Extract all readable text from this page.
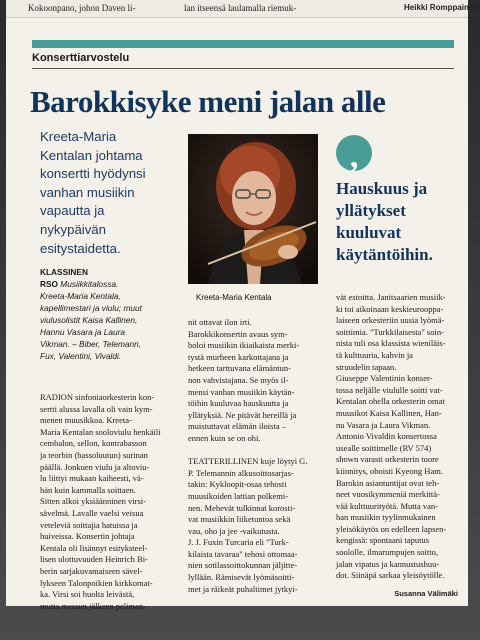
Kokoonpano, johon Daven li-	lan itseensä laulamalla riemuk-	Heikki Romppainen
Konserttiarvostelu
Barokkisyke meni jalan alle
Kreeta-Maria
Kentalan johtama
konsertti hyödynsi
vanhan musiikin
vapautta ja
nykypäivän
esitystaidetta.
Kreeta-Maria Kentala
‚
Hauskuus ja
yllätykset
kuuluvat
käytäntöihin.
KLASSINEN
RSO Musiikkitalossa.
Kreeta-Maria Kentala,
kapellimestari ja viulu; muut
viulusolistit Kaisa Kallinen,
Hannu Vasara ja Laura
Vikman. – Biber, Telemann,
Fux, Valentini, Vivaldi.
RADION sinfoniaorkesterin kon-
sertti alussa lavalla oli vain kym-
menen muusikkoa. Kreeta-
Maria Kentalan sooloviulu henkäili
cembalon, sellon, kontrabasson
ja teorbin (bassoluutun) surinan
päällä. Jonkuen viulu ja altoviu-
lu liittyi mukaan kaiheesti, vä-
hän kuin kammalla soittaen.
Sitten alkoi yksiäänninen virsi-
sävelmä. Lavalle vaelsi veisua
veteleviä soittajia hatuissa ja
huiveissa. Konsertin johtaja
Kentala oli lisännyt esityksteel-
lisen ulottuvuuden Heinrich Bi-
berin sarjakuvamaiseen sävel-
lykseen Talonpoikien kirkkomat-
ka. Virsi soi huolta leivästä,
mutta messun jälkeen peliman-
nit ottavat ilon irti.
Barokkikonsertin avaus sym-
boloi musiikin ikiaikaista merki-
tystä murheen karkottajana ja
hetkeen tarttuvana elämäntun-
non vahvistajana. Se myös il-
mensi vanhan musiikin käytän-
töihin kuuluvaa hauskuutta ja
yllätyksiä. Ne pitävät hereillä ja
muistuttavat elämän iloista –
ennen kuin se on ohi.

TEATTERILLINEN kuje löytyi G.
P. Telemannin alkusoittosarjas-
takin: Kykloopit-osaa tehosti
muusikoiden lattian polkemi-
nen. Mehevät tulkinnat korosti-
vat musiikkin liiketuntoa sekä
vau, oho ja jee -vaikutusta.
J. J. Fuxin Turcaria eli "Turk-
kilaista tavaraa" tehosi ottomaa-
nien sotilassoittokunnan jäljitte-
lyllään. Rämisevät lyömäsoitti-
met ja räikeät puhaltimet jytkyi-
vät estoitta. Janitsaarien musiik-
ki toi aikoinaan keskieurooppa-
laiseen orkesteriin uusia lyömä-
soittimia. "Turkkilaisesta" soin-
nista tuli osa klassista wieniläis-
tä kulttuuria, kahvin ja
struudelin tapaan.
Giuseppe Valentinin konser-
tossa neljälle viululle soitti vat-
Kentalan ohella orkesterin omat
muusikot Kaisa Kallinen, Han-
nu Vasara ja Laura Vikman.
Antonio Vivaldin konsertossa
usealle soittimelle (RV 574)
shown varasti orkesterin tuore
kiinnitys, oboisti Kyeong Ham.
Barokin asiantuntijat ovat teh-
neet vuosikymmeniä merkittä-
vää kulttuurityötä. Mutta van-
han musiikin tyylinmukainen
yleisökäytös on edelleen lapsen-
kengissä: spontaani taputus
soololle, ilmarumpujen soitto,
jalan vipatus ja kannustushuu-
dot. Siinäpä sarkaa yleisöytölle.
Susanna Välimäki
